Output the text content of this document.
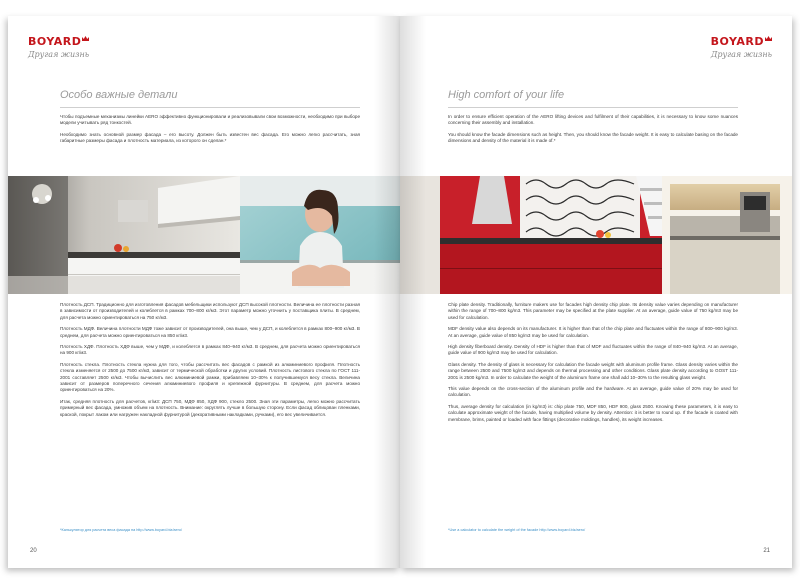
BOYARD
Другая жизнь
Особо важные детали

Чтобы подъемные механизмы линейки AERO эффективно функционировали и реализовывали свои возможности, необходимо при выборе модели учитывать ряд тонкостей.

Необходимо знать основной размер фасада – его высоту. Должен быть известен вес фасада. Его можно легко рассчитать, зная габаритные размеры фасада и плотность материала, из которого он сделан.*

Плотность ДСП. Традиционно для изготовления фасадов мебельщики используют ДСП высокой плотности. Величина ее плотности разная в зависимости от производителей и колеблется в рамках 700–800 кг/м3. Этот параметр можно уточнить у поставщика плиты. В среднем, для расчета можно ориентироваться на 750 кг/м3.

Плотность МДФ. Величина плотности МДФ тоже зависит от производителей, она выше, чем у ДСП, и колеблется в рамках 800–900 кг/м3. В среднем, для расчета можно ориентироваться на 850 кг/м3.

Плотность ХДФ. Плотность ХДФ выше, чем у МДФ, и колеблется в рамках 840–940 кг/м3. В среднем, для расчета можно ориентироваться на 900 кг/м3.

Плотность стекла. Плотность стекла нужна для того, чтобы рассчитать вес фасадов с рамкой из алюминиевого профиля. Плотность стекла изменяется от 2500 до 7500 кг/м3, зависит от термической обработки и других условий. Плотность листового стекла по ГОСТ 111-2001 составляет 2500 кг/м3. Чтобы вычислить вес алюминиевой рамки, прибавляем 10–30% к получившемуся весу стекла. Величина зависит от размеров поперечного сечения алюминиевого профиля и крепежной фурнитуры. В среднем, для расчета можно ориентироваться на 20%.

Итак, средняя плотность для расчетов, кг/м3: ДСП 750, МДФ 850, ХДФ 900, стекло 2500. Зная эти параметры, легко можно рассчитать примерный вес фасада, умножив объем на плотность. Внимание: округлять лучше в большую сторону. Если фасад облицован пленками, краской, покрыт лаком или нагружен накладной фурнитурой (декоративными накладками, ручками), его вес увеличивается.

*Калькулятор для расчета веса фасада на http://www.boyard.biz/aero/
20
BOYARD
Другая жизнь
High comfort of your life

In order to ensure efficient operation of the AERO lifting devices and fulfilment of their capabilities, it is necessary to know some nuances concerning their assembly and installation.

You should know the facade dimensions such as height. Then, you should know the facade weight. It is easy to calculate basing on the facade dimensions and density of the material it is made of.*

Chip plate density. Traditionally, furniture makers use for facades high density chip plate. Its density value varies depending on manufacturer within the range of 700–800 kg/m3. This parameter may be specified at the plate supplier. At an average, guide value of 750 kg/m3 may be used for calculation.

MDF density value also depends on its manufacturer. It is higher than that of the chip plate and fluctuates within the range of 800–900 kg/m3. At an average, guide value of 850 kg/m3 may be used for calculation.

High density fiberboard density. Density of HDF is higher than that of MDF and fluctuates within the range of 840–940 kg/m3. At an average, guide value of 900 kg/m3 may be used for calculation.

Glass density. The density of glass is necessary for calculation the facade weight with aluminum profile frame. Glass density varies within the range between 2500 and 7500 kg/m3 and depends on thermal processing and other conditions. Glass plate density according to GOST 111-2001 is 2500 kg/m3. In order to calculate the weight of the aluminum frame one shall add 10–30% to the resulting glass weight.

This value depends on the cross-section of the aluminum profile and the hardware. At an average, guide value of 20% may be used for calculation.

Thus, average density for calculation (in kg/m3) is: chip plate 750, MDF 850, HDF 900, glass 2500. Knowing these parameters, it is easy to calculate approximate weight of the facade, having multiplied volume by density. Attention: it is better to round up. If the facade is coated with membrane, brims, painted or loaded with face fittings (decorative moldings, handles), its weight increases.

*Use a calculator to calculate the weight of the facade http://www.boyard.biz/aero/
21
